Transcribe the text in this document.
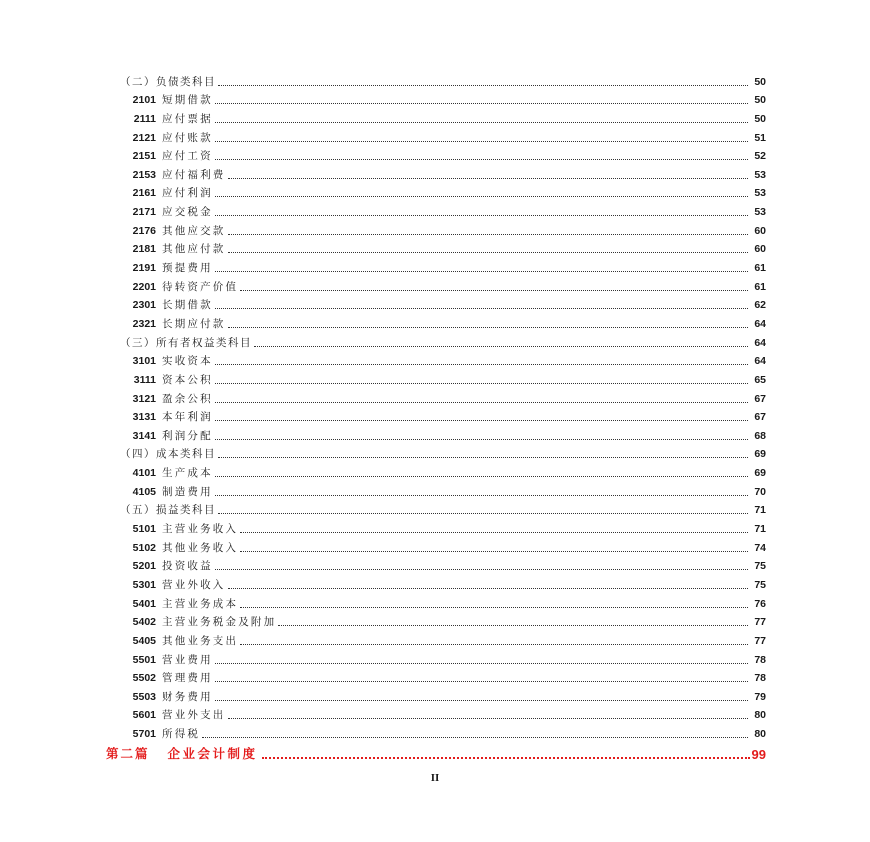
（二）负债类科目	50
2101 短期借款	50
2111 应付票据	50
2121 应付账款	51
2151 应付工资	52
2153 应付福利费	53
2161 应付利润	53
2171 应交税金	53
2176 其他应交款	60
2181 其他应付款	60
2191 预提费用	61
2201 待转资产价值	61
2301 长期借款	62
2321 长期应付款	64
（三）所有者权益类科目	64
3101 实收资本	64
3111 资本公积	65
3121 盈余公积	67
3131 本年利润	67
3141 利润分配	68
（四）成本类科目	69
4101 生产成本	69
4105 制造费用	70
（五）损益类科目	71
5101 主营业务收入	71
5102 其他业务收入	74
5201 投资收益	75
5301 营业外收入	75
5401 主营业务成本	76
5402 主营业务税金及附加	77
5405 其他业务支出	77
5501 营业费用	78
5502 管理费用	78
5503 财务费用	79
5601 营业外支出	80
5701 所得税	80
第二篇 企业会计制度	99
II
